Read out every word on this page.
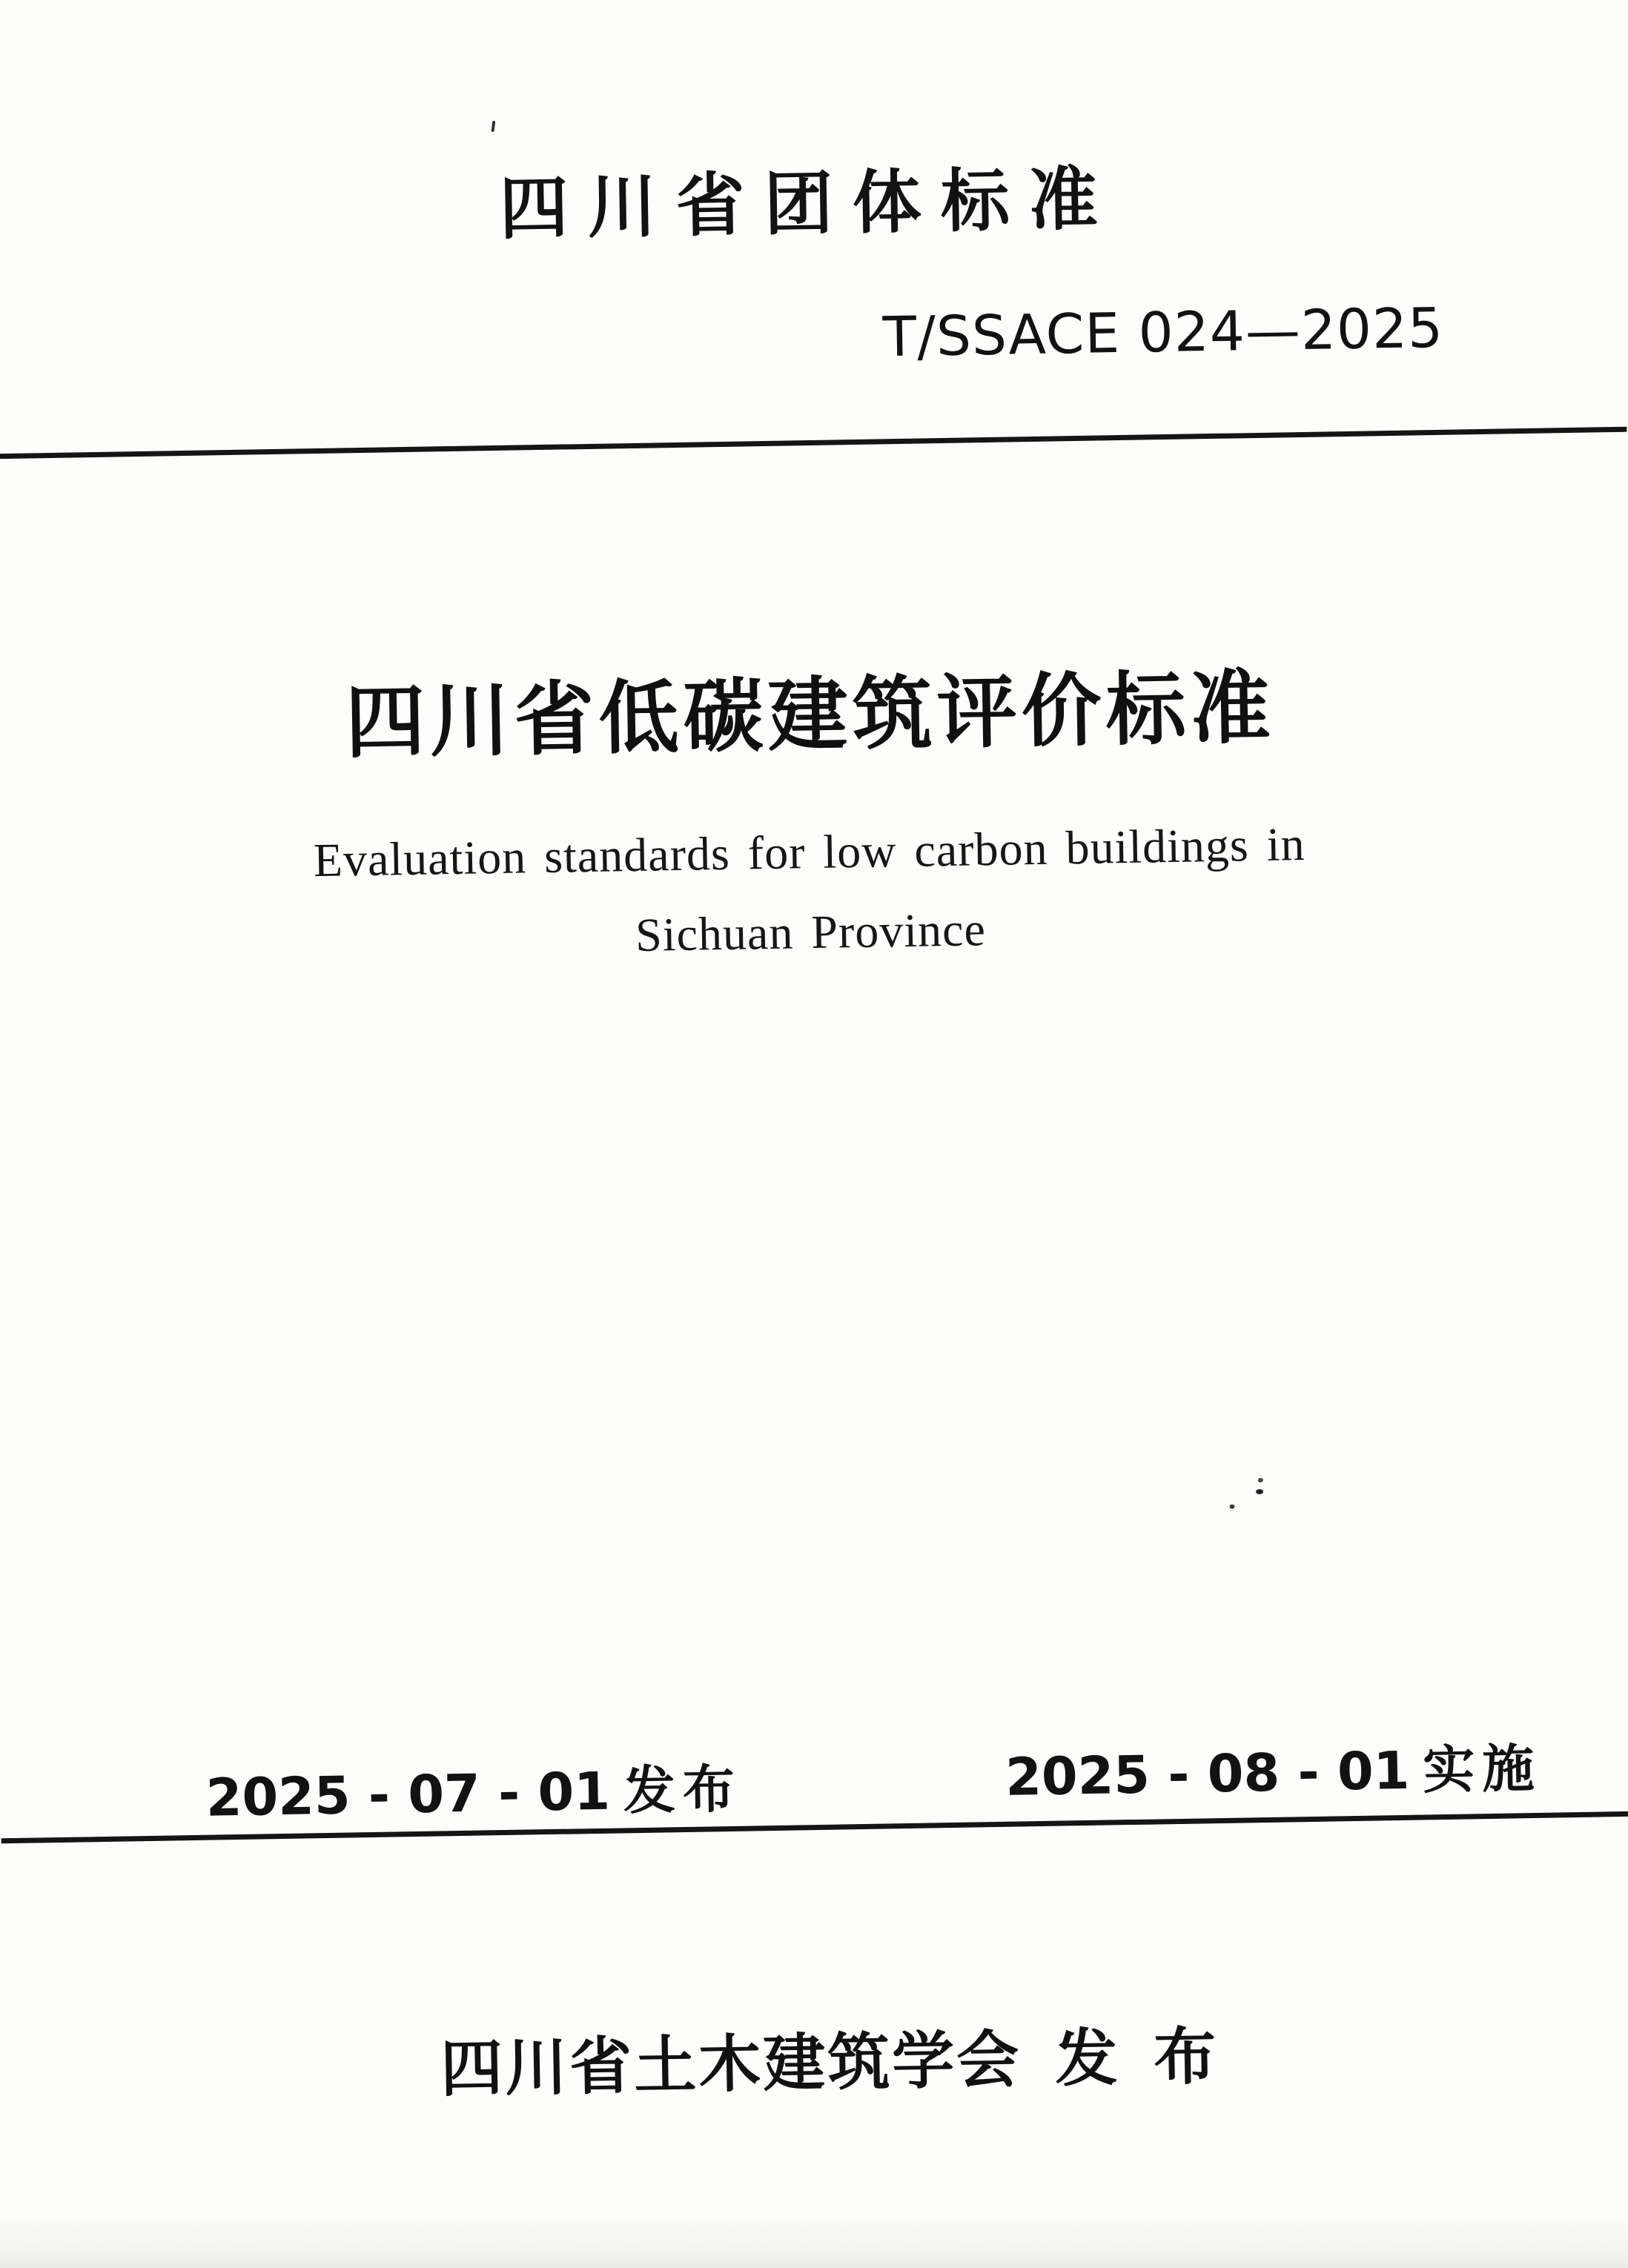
四川省团体标准
T/SSACE 024—2025
四川省低碳建筑评价标准
Evaluation standards for low carbon buildings in
Sichuan Province
2025 - 07 - 01 发布	2025 - 08 - 01 实施
四川省土木建筑学会 发 布
